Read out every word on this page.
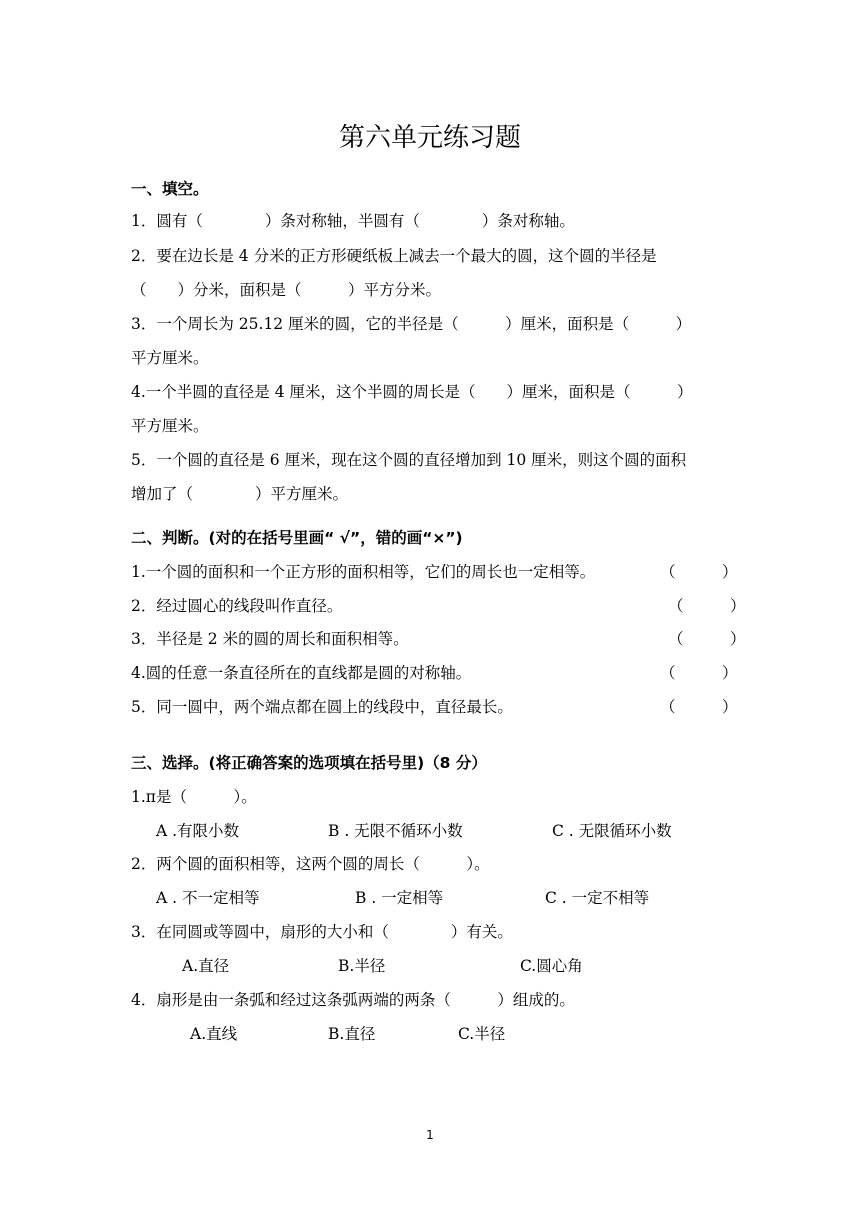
第六单元练习题
一、填空。
1．圆有（　　　　）条对称轴，半圆有（　　　　）条对称轴。
2．要在边长是 4 分米的正方形硬纸板上减去一个最大的圆，这个圆的半径是
（　　）分米，面积是（　　　）平方分米。
3．一个周长为 25.12 厘米的圆，它的半径是（　　　）厘米，面积是（　　　）
平方厘米。
4.一个半圆的直径是 4 厘米，这个半圆的周长是（　　）厘米，面积是（　　　）
平方厘米。
5．一个圆的直径是 6 厘米，现在这个圆的直径增加到 10 厘米，则这个圆的面积
增加了（　　　　）平方厘米。
二、判断。(对的在括号里画“ √”，错的画“×”)
1.一个圆的面积和一个正方形的面积相等，它们的周长也一定相等。	（　　　）
2．经过圆心的线段叫作直径。	（　　　）
3．半径是 2 米的圆的周长和面积相等。	（　　　）
4.圆的任意一条直径所在的直线都是圆的对称轴。	（　　　）
5．同一圆中，两个端点都在圆上的线段中，直径最长。	（　　　）
三、选择。(将正确答案的选项填在括号里)（8 分）
1.π是（　　　）。
A .有限小数	B . 无限不循环小数	C . 无限循环小数
2．两个圆的面积相等，这两个圆的周长（　　　）。
A . 不一定相等	B . 一定相等	C . 一定不相等
3．在同圆或等圆中，扇形的大小和（　　　　）有关。
A.直径	B.半径	C.圆心角
4．扇形是由一条弧和经过这条弧两端的两条（　　　）组成的。
A.直线	B.直径	C.半径
1
